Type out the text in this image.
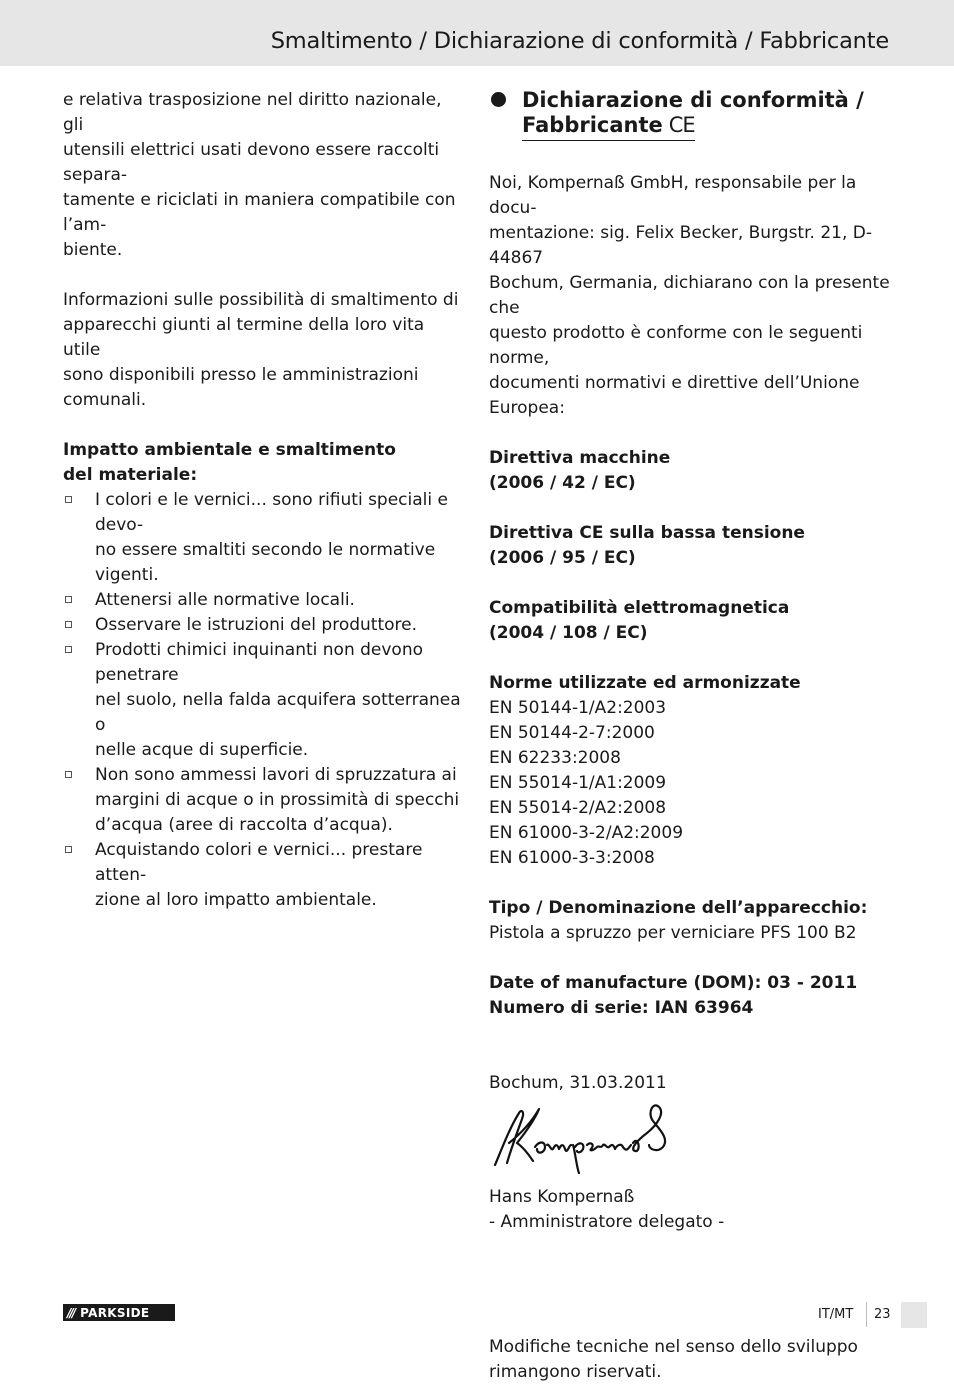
Smaltimento / Dichiarazione di conformità / Fabbricante

e relativa trasposizione nel diritto nazionale, gli

utensili elettrici usati devono essere raccolti separa-

tamente e riciclati in maniera compatibile con l’am-

biente.

Informazioni sulle possibilità di smaltimento di

apparecchi giunti al termine della loro vita utile

sono disponibili presso le amministrazioni comunali.

Impatto ambientale e smaltimento

del materiale:

I colori e le vernici... sono rifiuti speciali e devo-

no essere smaltiti secondo le normative vigenti.

Attenersi alle normative locali.

Osservare le istruzioni del produttore.

Prodotti chimici inquinanti non devono penetrare

nel suolo, nella falda acquifera sotterranea o

nelle acque di superficie.

Non sono ammessi lavori di spruzzatura ai

margini di acque o in prossimità di specchi

d’acqua (aree di raccolta d’acqua).

Acquistando colori e vernici... prestare atten-

zione al loro impatto ambientale.

Dichiarazione di conformità /
Fabbricante CE

Noi, Kompernaß GmbH, responsabile per la docu-

mentazione: sig. Felix Becker, Burgstr. 21, D-44867

Bochum, Germania, dichiarano con la presente che

questo prodotto è conforme con le seguenti norme,

documenti normativi e direttive dell’Unione Europea:

Direttiva macchine

(2006 / 42 / EC)

Direttiva CE sulla bassa tensione

(2006 / 95 / EC)

Compatibilità elettromagnetica

(2004 / 108 / EC)

Norme utilizzate ed armonizzate

EN 50144-1/A2:2003

EN 50144-2-7:2000

EN 62233:2008

EN 55014-1/A1:2009

EN 55014-2/A2:2008

EN 61000-3-2/A2:2009

EN 61000-3-3:2008

Tipo / Denominazione dell’apparecchio:

Pistola a spruzzo per verniciare PFS 100 B2

Date of manufacture (DOM): 03 - 2011

Numero di serie: IAN 63964

Bochum, 31.03.2011

Hans Kompernaß

- Amministratore delegato -

Modifiche tecniche nel senso dello sviluppo

rimangono riservati.

/// PARKSIDE	IT/MT 23
